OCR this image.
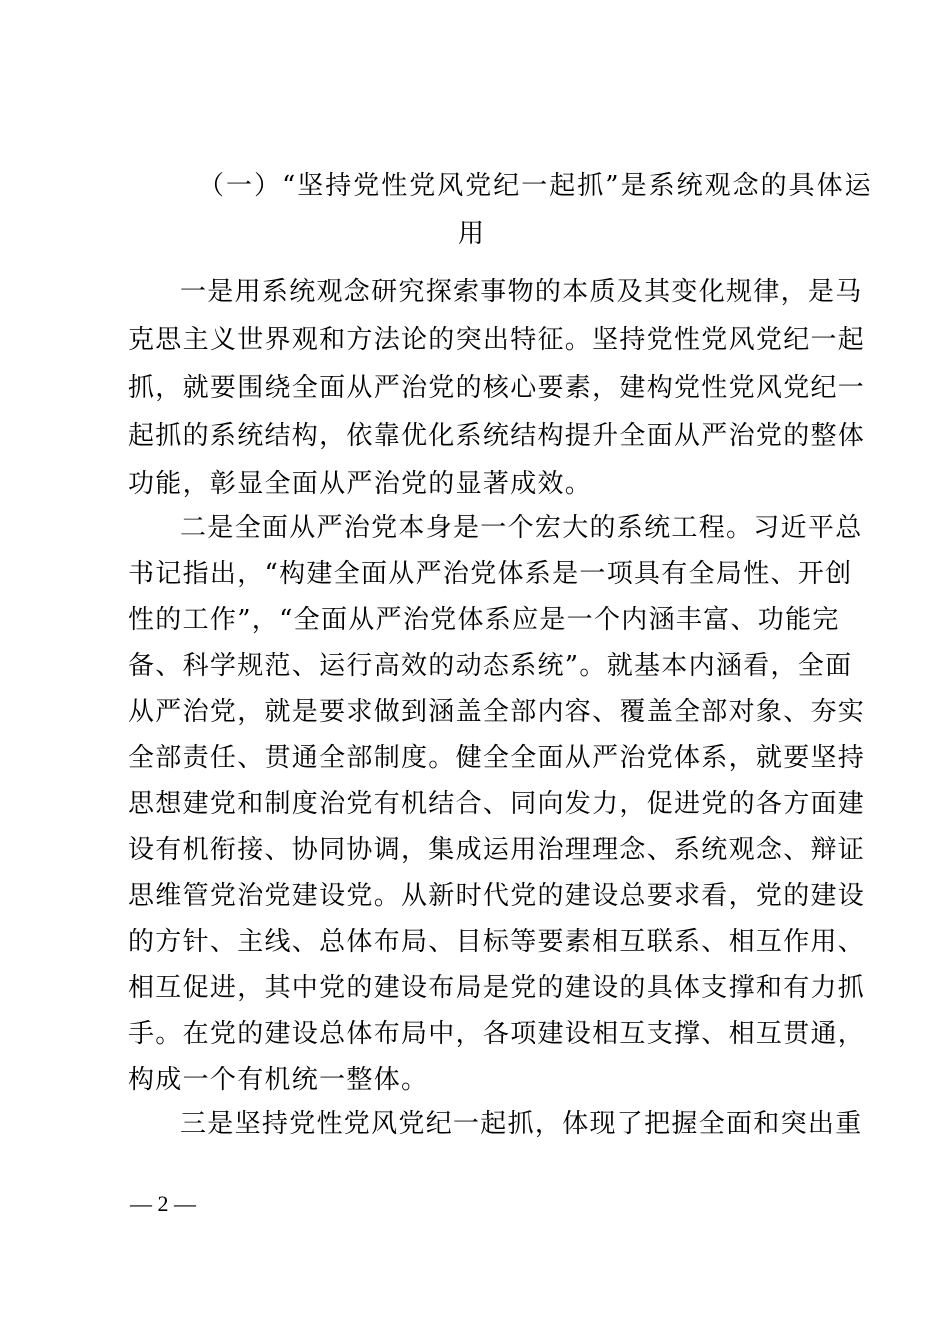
（一）“坚持党性党风党纪一起抓”是系统观念的具体运
用
一是用系统观念研究探索事物的本质及其变化规律，是马
克思主义世界观和方法论的突出特征。坚持党性党风党纪一起
抓，就要围绕全面从严治党的核心要素，建构党性党风党纪一
起抓的系统结构，依靠优化系统结构提升全面从严治党的整体
功能，彰显全面从严治党的显著成效。
二是全面从严治党本身是一个宏大的系统工程。习近平总
书记指出，“构建全面从严治党体系是一项具有全局性、开创
性的工作”，“全面从严治党体系应是一个内涵丰富、功能完
备、科学规范、运行高效的动态系统”。就基本内涵看，全面
从严治党，就是要求做到涵盖全部内容、覆盖全部对象、夯实
全部责任、贯通全部制度。健全全面从严治党体系，就要坚持
思想建党和制度治党有机结合、同向发力，促进党的各方面建
设有机衔接、协同协调，集成运用治理理念、系统观念、辩证
思维管党治党建设党。从新时代党的建设总要求看，党的建设
的方针、主线、总体布局、目标等要素相互联系、相互作用、
相互促进，其中党的建设布局是党的建设的具体支撑和有力抓
手。在党的建设总体布局中，各项建设相互支撑、相互贯通，
构成一个有机统一整体。
三是坚持党性党风党纪一起抓，体现了把握全面和突出重
— 2 —
